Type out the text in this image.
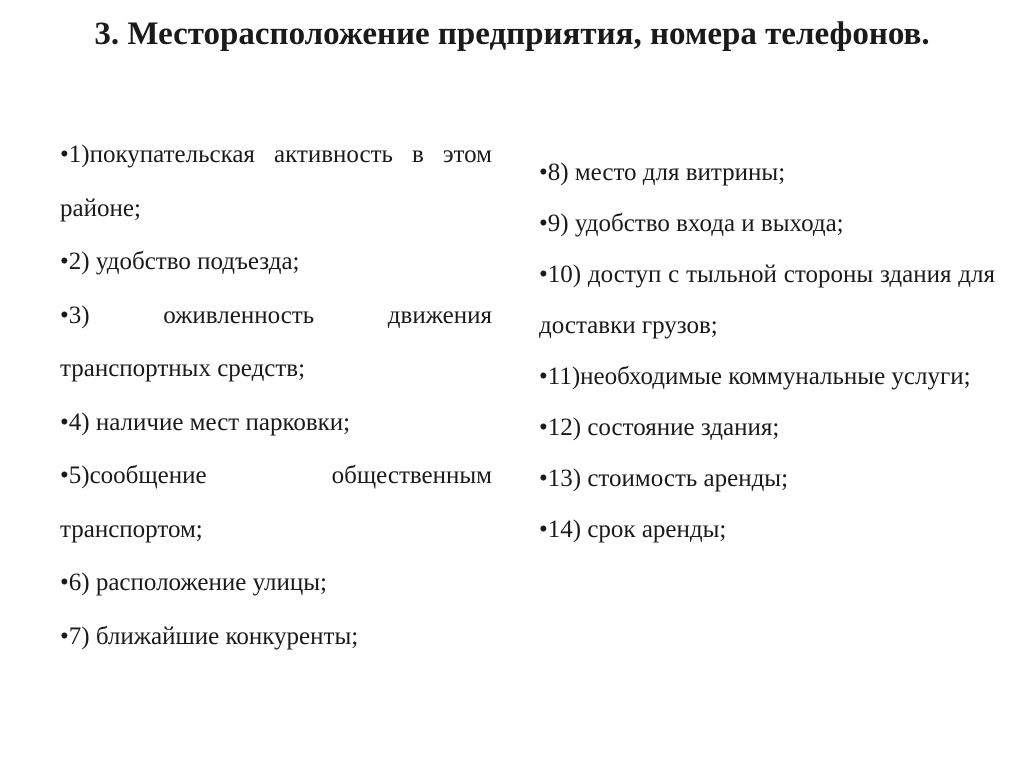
3. Месторасположение предприятия, номера телефонов.
•1)покупательская активность в этом районе;
•2) удобство подъезда;
•3) оживленность движения транспортных средств;
•4) наличие мест парковки;
•5)сообщение общественным транспортом;
•6) расположение улицы;
•7) ближайшие конкуренты;
•8) место для витрины;
•9) удобство входа и выхода;
•10) доступ с тыльной стороны здания для доставки грузов;
•11)необходимые коммунальные услуги;
•12) состояние здания;
•13) стоимость аренды;
•14) срок аренды;
